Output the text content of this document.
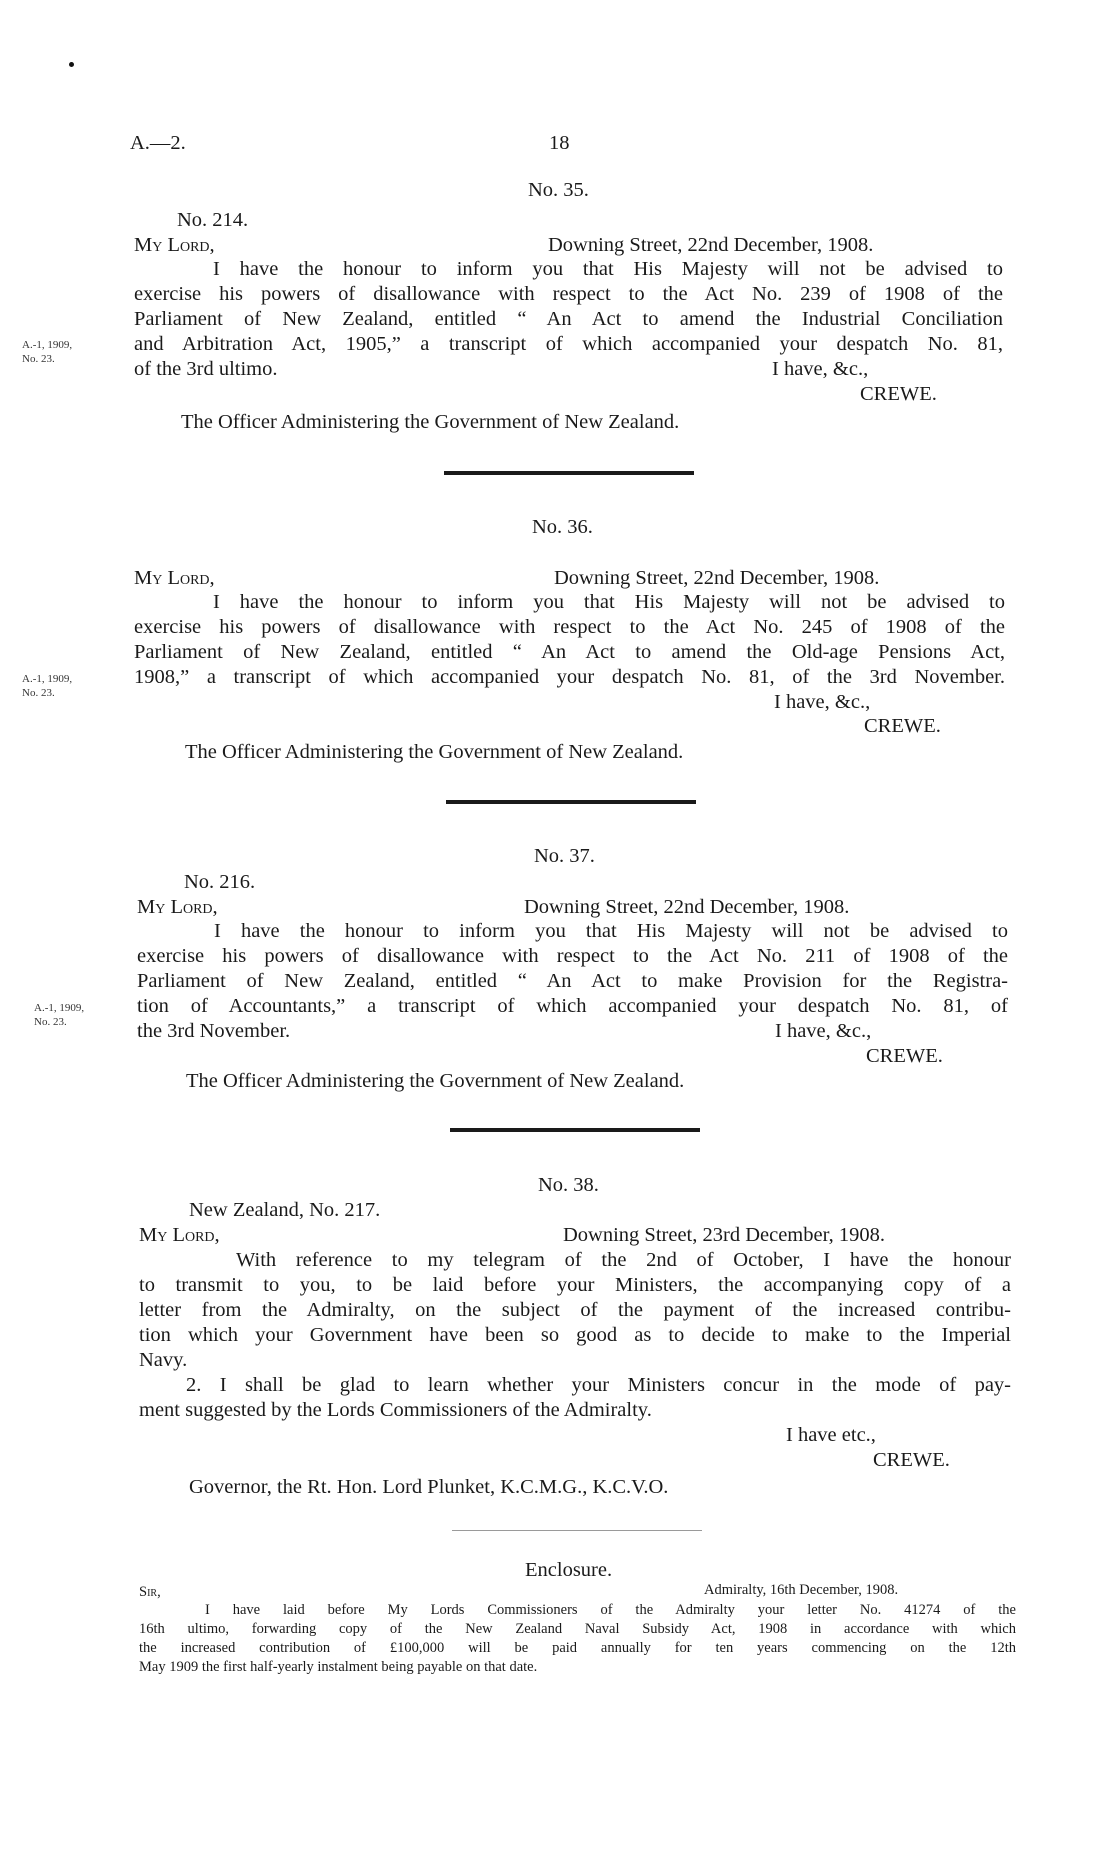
A.—2.	18
No. 35.
No. 214.
My Lord,	Downing Street, 22nd December, 1908.
A.-1, 1909,
No. 23.
I have the honour to inform you that His Majesty will not be advised to
exercise his powers of disallowance with respect to the Act No. 239 of 1908 of the
Parliament of New Zealand, entitled “ An Act to amend the Industrial Conciliation
and Arbitration Act, 1905,” a transcript of which accompanied your despatch No. 81,
of the 3rd ultimo.	I have, &c.,
CREWE.
The Officer Administering the Government of New Zealand.
No. 36.
My Lord,	Downing Street, 22nd December, 1908.
A.-1, 1909,
No. 23.
I have the honour to inform you that His Majesty will not be advised to
exercise his powers of disallowance with respect to the Act No. 245 of 1908 of the
Parliament of New Zealand, entitled “ An Act to amend the Old-age Pensions Act,
1908,” a transcript of which accompanied your despatch No. 81, of the 3rd November.
I have, &c.,
CREWE.
The Officer Administering the Government of New Zealand.
No. 37.
No. 216.
My Lord,	Downing Street, 22nd December, 1908.
A.-1, 1909,
No. 23.
I have the honour to inform you that His Majesty will not be advised to
exercise his powers of disallowance with respect to the Act No. 211 of 1908 of the
Parliament of New Zealand, entitled “ An Act to make Provision for the Registra-
tion of Accountants,” a transcript of which accompanied your despatch No. 81, of
the 3rd November.	I have, &c.,
CREWE.
The Officer Administering the Government of New Zealand.
No. 38.
New Zealand, No. 217.
My Lord,	Downing Street, 23rd December, 1908.
With reference to my telegram of the 2nd of October, I have the honour
to transmit to you, to be laid before your Ministers, the accompanying copy of a
letter from the Admiralty, on the subject of the payment of the increased contribu-
tion which your Government have been so good as to decide to make to the Imperial
Navy.
2. I shall be glad to learn whether your Ministers concur in the mode of pay-
ment suggested by the Lords Commissioners of the Admiralty.
I have etc.,
CREWE.
Governor, the Rt. Hon. Lord Plunket, K.C.M.G., K.C.V.O.
Enclosure.
Sir,	Admiralty, 16th December, 1908.
I have laid before My Lords Commissioners of the Admiralty your letter No. 41274 of the
16th ultimo, forwarding copy of the New Zealand Naval Subsidy Act, 1908 in accordance with which
the increased contribution of £100,000 will be paid annually for ten years commencing on the 12th
May 1909 the first half-yearly instalment being payable on that date.
